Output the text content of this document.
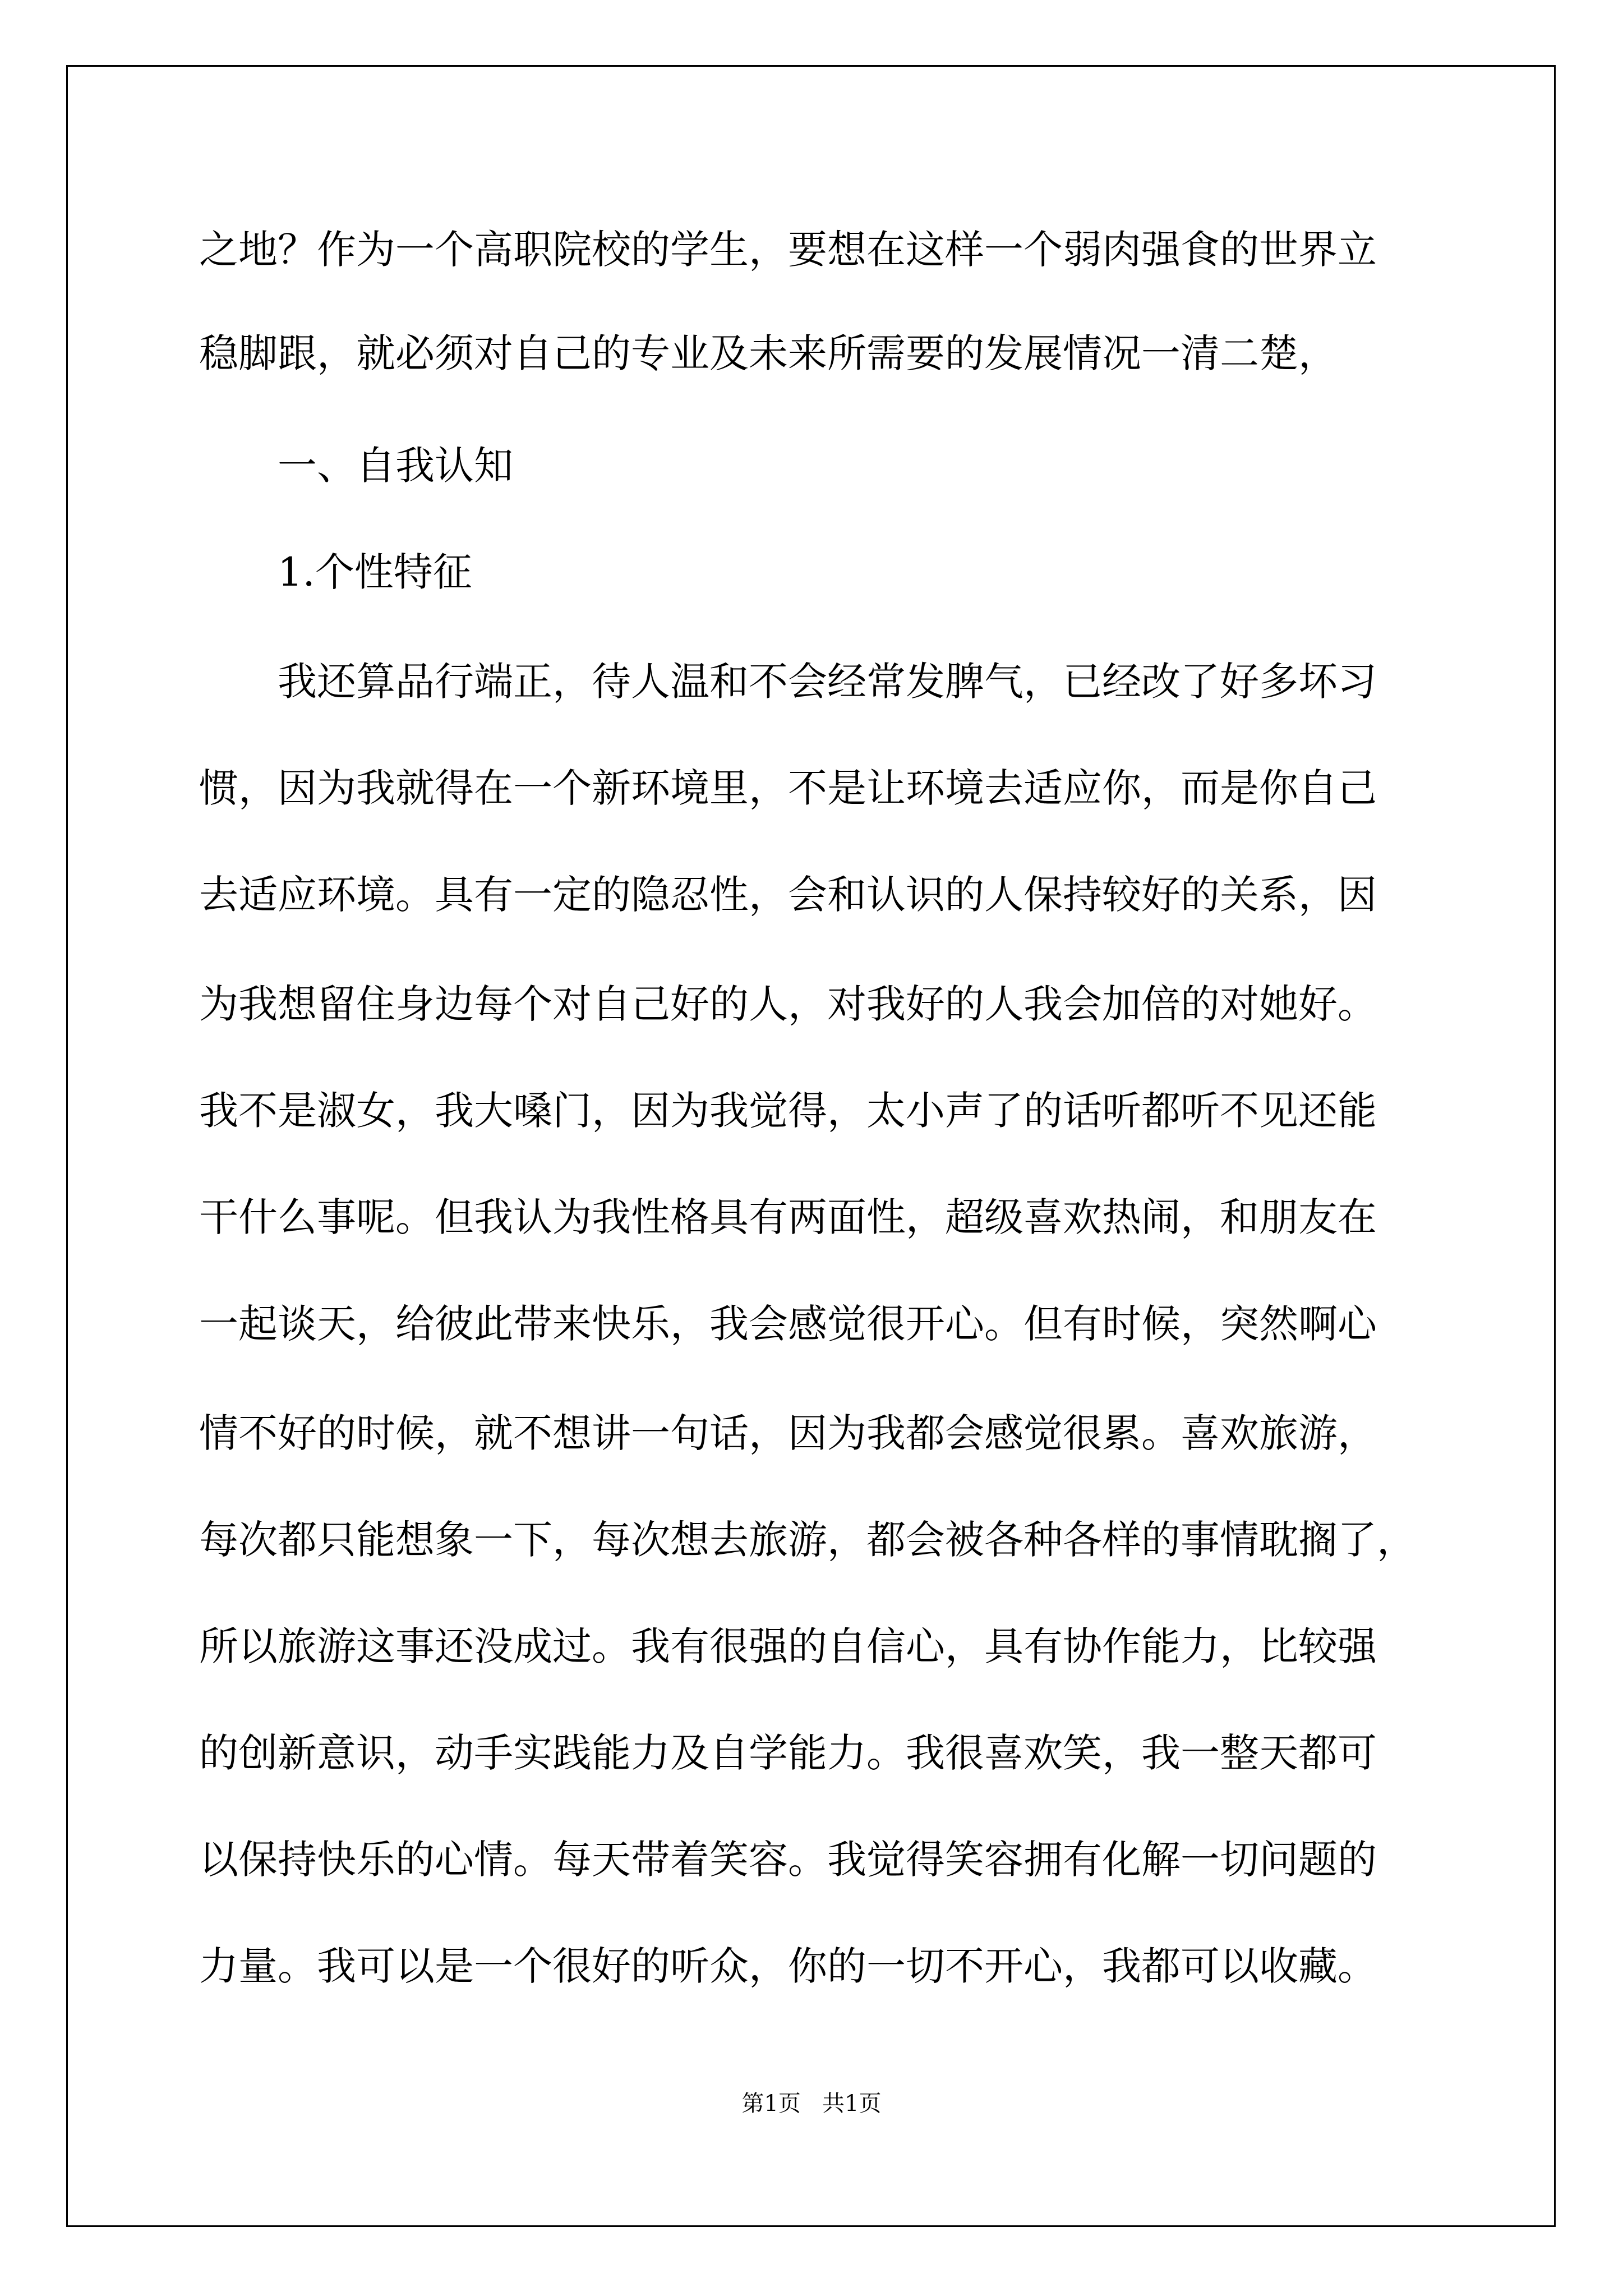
之地？作为一个高职院校的学生，要想在这样一个弱肉强食的世界立
稳脚跟，就必须对自己的专业及未来所需要的发展情况一清二楚，
一、自我认知
1.个性特征
我还算品行端正，待人温和不会经常发脾气，已经改了好多坏习
惯，因为我就得在一个新环境里，不是让环境去适应你，而是你自己
去适应环境。具有一定的隐忍性，会和认识的人保持较好的关系，因
为我想留住身边每个对自己好的人，对我好的人我会加倍的对她好。
我不是淑女，我大嗓门，因为我觉得，太小声了的话听都听不见还能
干什么事呢。但我认为我性格具有两面性，超级喜欢热闹，和朋友在
一起谈天，给彼此带来快乐，我会感觉很开心。但有时候，突然啊心
情不好的时候，就不想讲一句话，因为我都会感觉很累。喜欢旅游，
每次都只能想象一下，每次想去旅游，都会被各种各样的事情耽搁了，
所以旅游这事还没成过。我有很强的自信心，具有协作能力，比较强
的创新意识，动手实践能力及自学能力。我很喜欢笑，我一整天都可
以保持快乐的心情。每天带着笑容。我觉得笑容拥有化解一切问题的
力量。我可以是一个很好的听众，你的一切不开心，我都可以收藏。
第1页   共1页
